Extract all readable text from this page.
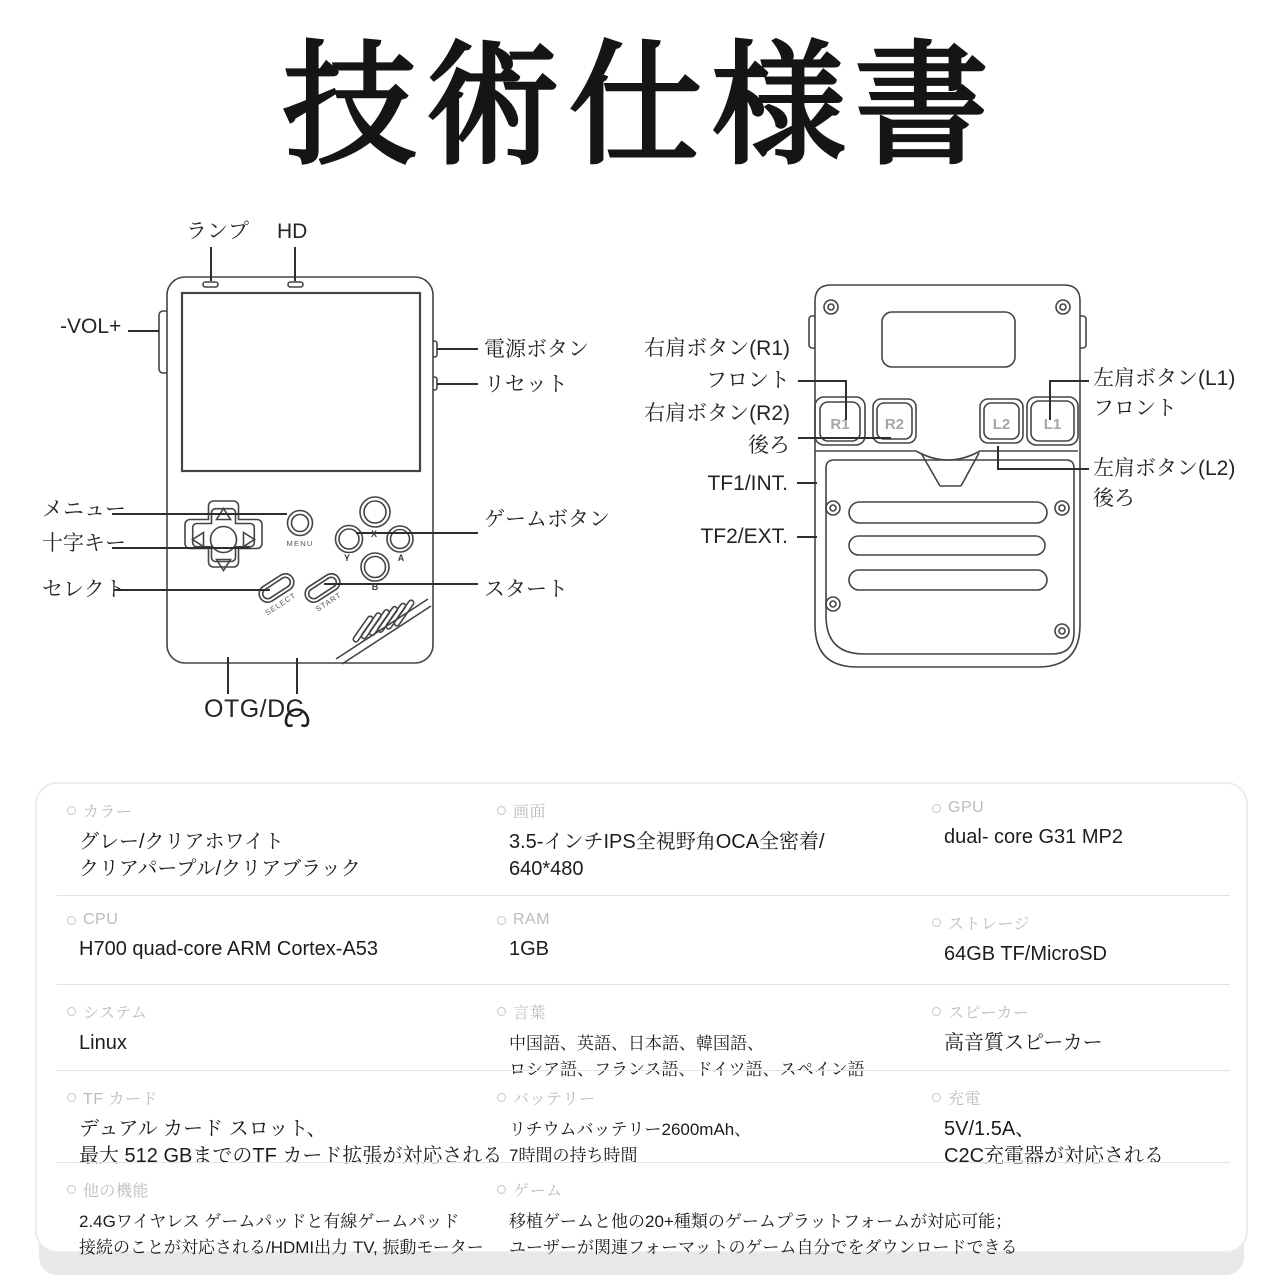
技術仕様書
MENU
SELECT START
X
Y	A
B
R1 R2	L2 L1
ランプ HD
-VOL+
電源ボタン
リセット
メニュー
十字キー
セレクト
ゲームボタン
スタート
OTG/DC
右肩ボタン(R1)
フロント
右肩ボタン(R2)
後ろ
TF1/INT.
TF2/EXT.
左肩ボタン(L1)
フロント
左肩ボタン(L2)
後ろ
カラー
グレー/クリアホワイト
クリアパープル/クリアブラック
画面
3.5-インチIPS全視野角OCA全密着/
640*480
GPU
dual- core G31 MP2
CPU
H700 quad-core ARM Cortex-A53
RAM
1GB
ストレージ
64GB TF/MicroSD
システム
Linux
言葉
中国語、英語、日本語、韓国語、
ロシア語、フランス語、ドイツ語、スペイン語
スピーカー
高音質スピーカー
TF カード
デュアル カード スロット、
最大 512 GBまでのTF カード拡張が対応される
バッテリー
リチウムバッテリー2600mAh、
7時間の持ち時間
充電
5V/1.5A、
C2C充電器が対応される
他の機能
2.4Gワイヤレス ゲームパッドと有線ゲームパッド
接続のことが対応される/HDMI出力 TV, 振動モーター
ゲーム
移植ゲームと他の20+種類のゲームプラットフォームが対応可能；
ユーザーが関連フォーマットのゲーム自分でをダウンロードできる
